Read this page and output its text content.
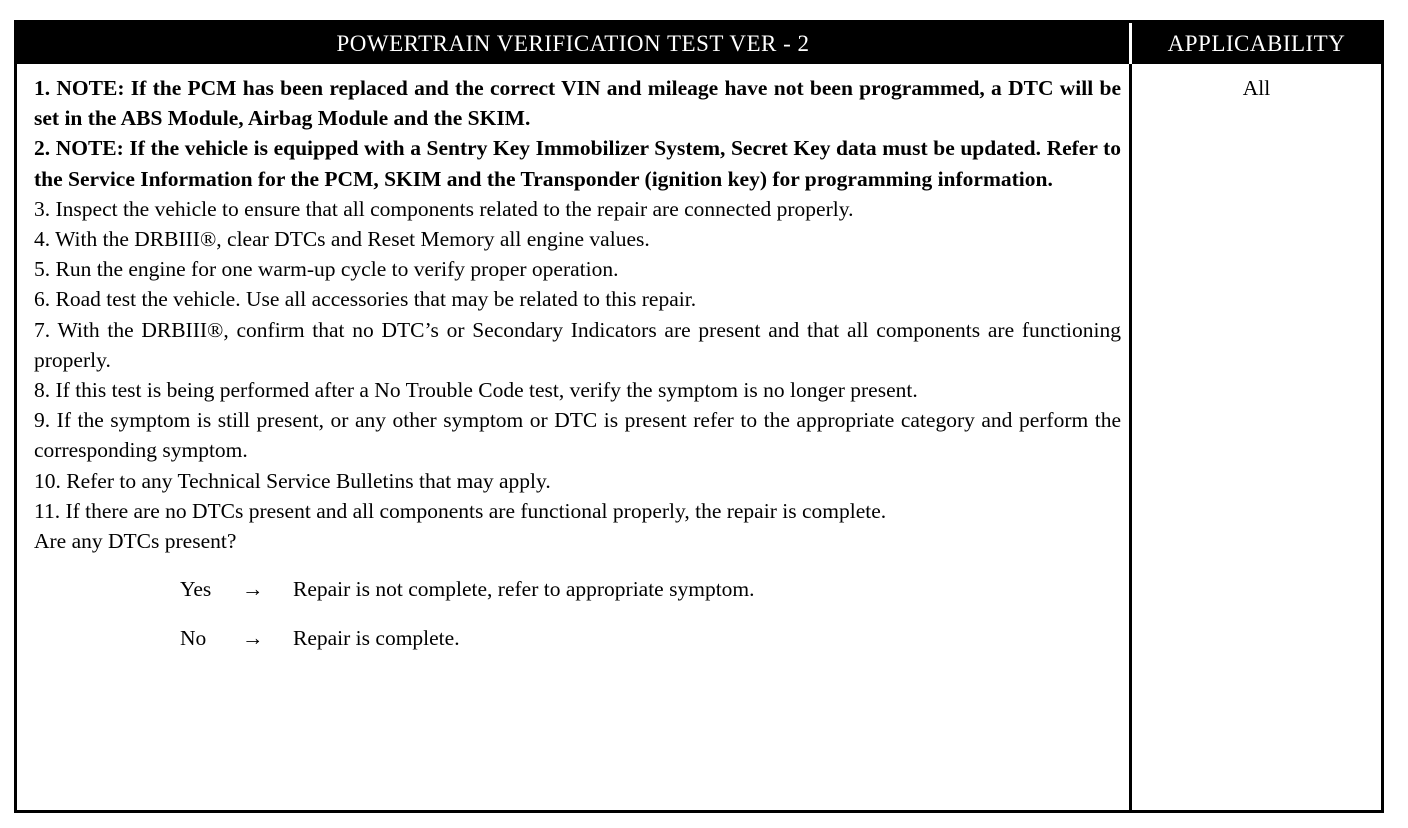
POWERTRAIN VERIFICATION TEST VER - 2	APPLICABILITY

1. NOTE: If the PCM has been replaced and the correct VIN and mileage have not been programmed, a DTC will be set in the ABS Module, Airbag Module and the SKIM.

2. NOTE: If the vehicle is equipped with a Sentry Key Immobilizer System, Secret Key data must be updated. Refer to the Service Information for the PCM, SKIM and the Transponder (ignition key) for programming information.

3. Inspect the vehicle to ensure that all components related to the repair are connected properly.

4. With the DRBIII®, clear DTCs and Reset Memory all engine values.

5. Run the engine for one warm-up cycle to verify proper operation.

6. Road test the vehicle. Use all accessories that may be related to this repair.

7. With the DRBIII®, confirm that no DTC’s or Secondary Indicators are present and that all components are functioning properly.

8. If this test is being performed after a No Trouble Code test, verify the symptom is no longer present.

9. If the symptom is still present, or any other symptom or DTC is present refer to the appropriate category and perform the corresponding symptom.

10. Refer to any Technical Service Bulletins that may apply.

11. If there are no DTCs present and all components are functional properly, the repair is complete.

Are any DTCs present?

Yes → Repair is not complete, refer to appropriate symptom.
No → Repair is complete.
All
